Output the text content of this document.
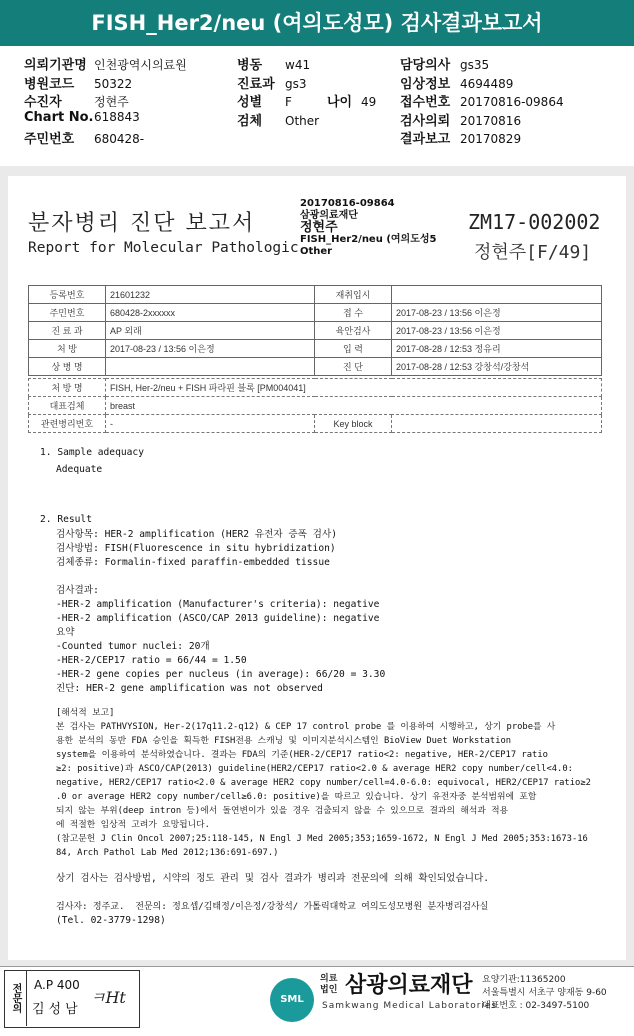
FISH_Her2/neu (여의도성모) 검사결과보고서
의뢰기관명 인천광역시의료원
병원코드 50322
수진자	정현주
Chart No.618843
주민번호 680428-
병동 w41
진료과 gs3
성별 F	나이 49
검체 Other
담당의사 gs35
임상정보 4694489
접수번호 20170816-09864
검사의뢰 20170816
결과보고 20170829
분자병리 진단 보고서
Report for Molecular Pathologic
20170816-09864
삼광의료재단
정현주
FISH_Her2/neu (여의도성5
Other
ZM17-002002
정현주[F/49]
등록번호	21601232	재취입시	
주민번호	680428-2xxxxxx	접 수	2017-08-23 / 13:56 이은정
진 료 과	AP 외래	육안검사	2017-08-23 / 13:56 이은정
처 방	2017-08-23 / 13:56 이은정	입 력	2017-08-28 / 12:53 정유리
상 병 명		진 단	2017-08-28 / 12:53 강창석/강창석
처 방 명	FISH, Her-2/neu + FISH 파라핀 블록 [PM004041]		
대표검체	breast		
관련병리번호	-	Key block	
1. Sample adequacy
Adequate
2. Result
검사항목: HER-2 amplification (HER2 유전자 증폭 검사)
검사방법: FISH(Fluorescence in situ hybridization)
검체종류: Formalin-fixed paraffin-embedded tissue
검사결과:
-HER-2 amplification (Manufacturer's criteria): negative
-HER-2 amplification (ASCO/CAP 2013 guideline): negative
요약
-Counted tumor nuclei: 20개
-HER-2/CEP17 ratio = 66/44 = 1.50
-HER-2 gene copies per nucleus (in average): 66/20 = 3.30
진단: HER-2 gene amplification was not observed
[해석적 보고]
본 검사는 PATHVYSION, Her-2(17q11.2-q12) & CEP 17 control probe 를 이용하여 시행하고, 상기 probe를 사
용한 분석의 동반 FDA 승인을 획득한 FISH전용 스캐닝 및 이미지분석시스템인 BioView Duet Workstation
system을 이용하여 분석하였습니다. 결과는 FDA의 기준(HER-2/CEP17 ratio<2: negative, HER-2/CEP17 ratio
≥2: positive)과 ASCO/CAP(2013) guideline(HER2/CEP17 ratio<2.0 & average HER2 copy number/cell<4.0:
negative, HER2/CEP17 ratio<2.0 & average HER2 copy number/cell=4.0-6.0: equivocal, HER2/CEP17 ratio≥2
.0 or average HER2 copy number/cell≥6.0: positive)을 따르고 있습니다. 상기 유전자중 분석범위에 포함
되지 않는 부위(deep intron 등)에서 돌연변이가 있을 경우 검출되지 않을 수 있으므로 결과의 해석과 적용
에 적절한 임상적 고려가 요망됩니다.
(참고문헌 J Clin Oncol 2007;25:118-145, N Engl J Med 2005;353;1659-1672, N Engl J Med 2005;353:1673-16
84, Arch Pathol Lab Med 2012;136:691-697.)
상기 검사는 검사방법, 시약의 정도 관리 및 검사 결과가 병리과 전문의에 의해 확인되었습니다.
검사자: 정주교.  전문의: 정요셉/김태정/이은정/강창석/ 가톨릭대학교 여의도성모병원 분자병리검사실
(Tel. 02-3779-1298)
전문의	A.P 400
김성남
ㅋHt	SML
의료
법인 삼광의료재단
Samkwang Medical Laboratories
요양기관:11365200
서울특별시 서초구 양재동 9-60
대표번호 : 02-3497-5100
